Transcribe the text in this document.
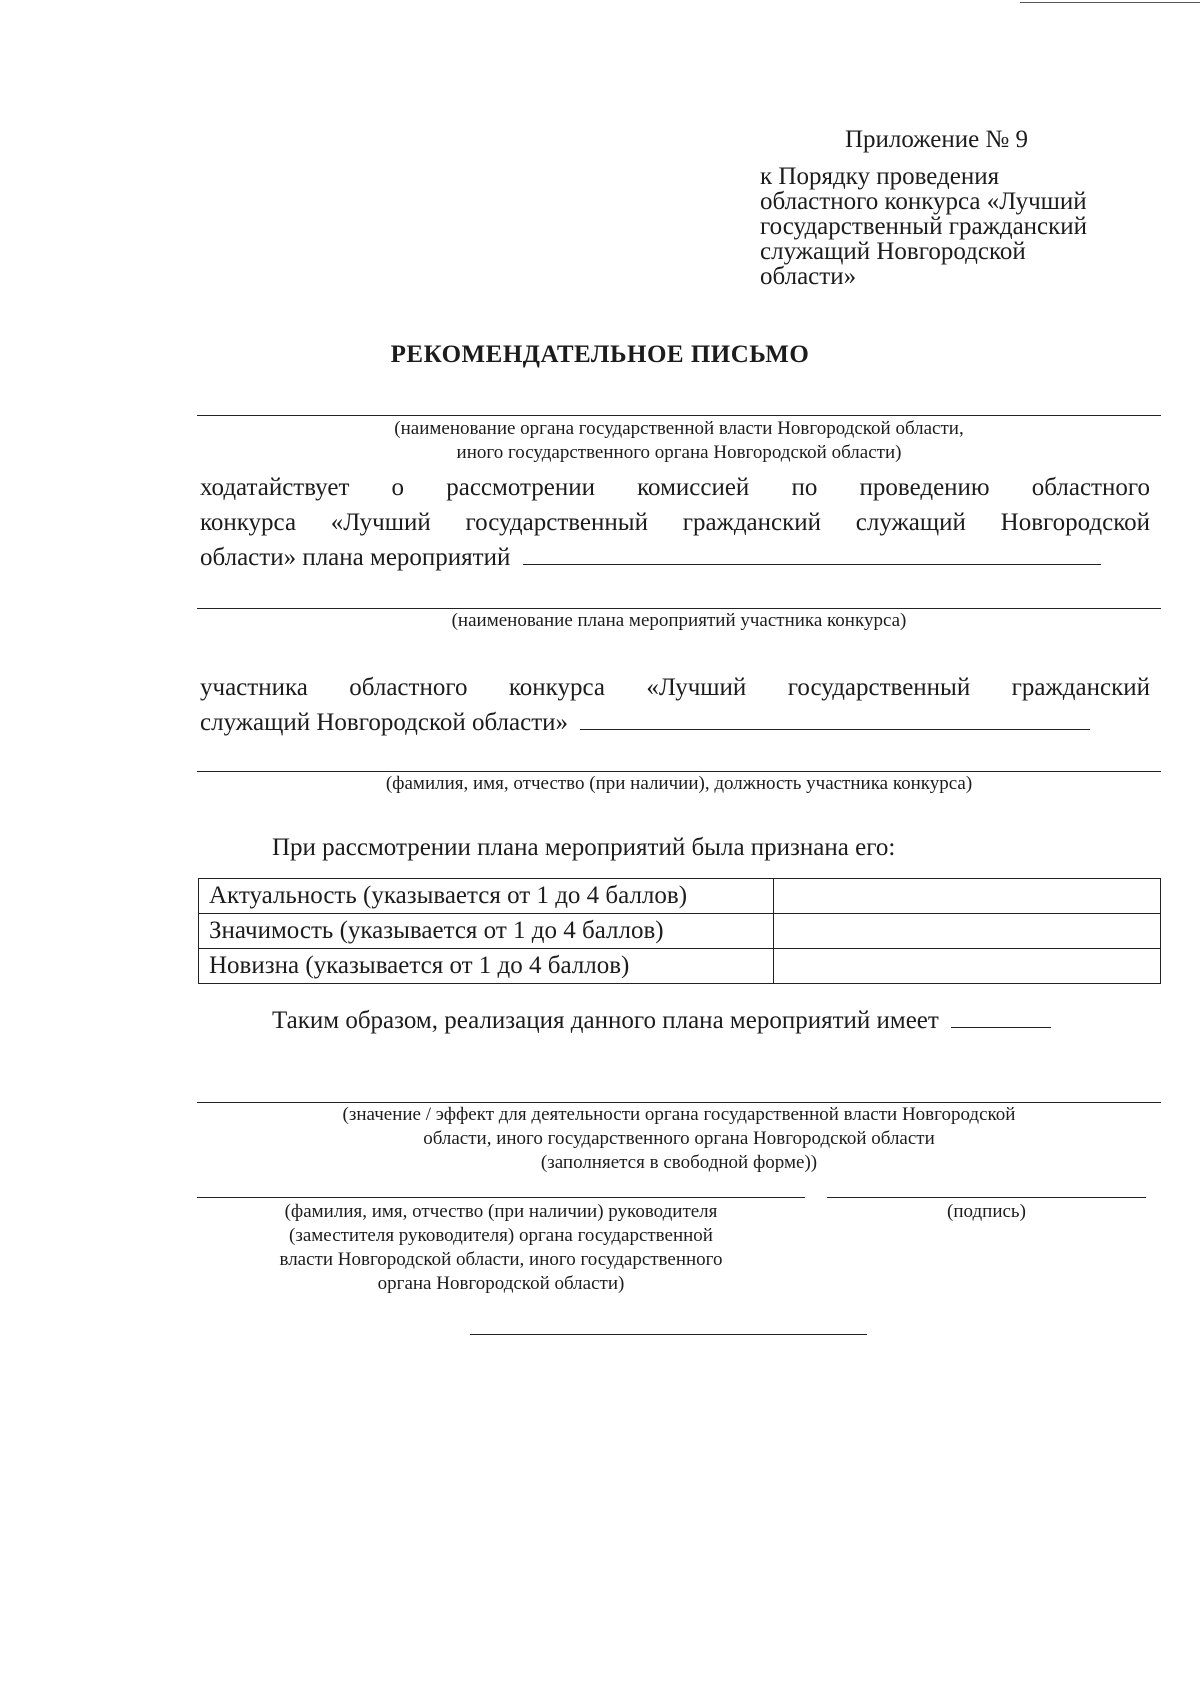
Приложение № 9
к Порядку проведения
областного конкурса «Лучший
государственный гражданский
служащий Новгородской
области»
РЕКОМЕНДАТЕЛЬНОЕ ПИСЬМО
(наименование органа государственной власти Новгородской области,
иного государственного органа Новгородской области)
ходатайствует о рассмотрении комиссией по проведению областного
конкурса «Лучший государственный гражданский служащий Новгородской
области» плана мероприятий
(наименование плана мероприятий участника конкурса)
участника областного конкурса «Лучший государственный гражданский
служащий Новгородской области»
(фамилия, имя, отчество (при наличии), должность участника конкурса)
При рассмотрении плана мероприятий была признана его:
Актуальность (указывается от 1 до 4 баллов)	
Значимость (указывается от 1 до 4 баллов)	
Новизна (указывается от 1 до 4 баллов)	
Таким образом, реализация данного плана мероприятий имеет
(значение / эффект для деятельности органа государственной власти Новгородской
области, иного государственного органа Новгородской области
(заполняется в свободной форме))
(фамилия, имя, отчество (при наличии) руководителя
(заместителя руководителя) органа государственной
власти Новгородской области, иного государственного
органа Новгородской области)
(подпись)
